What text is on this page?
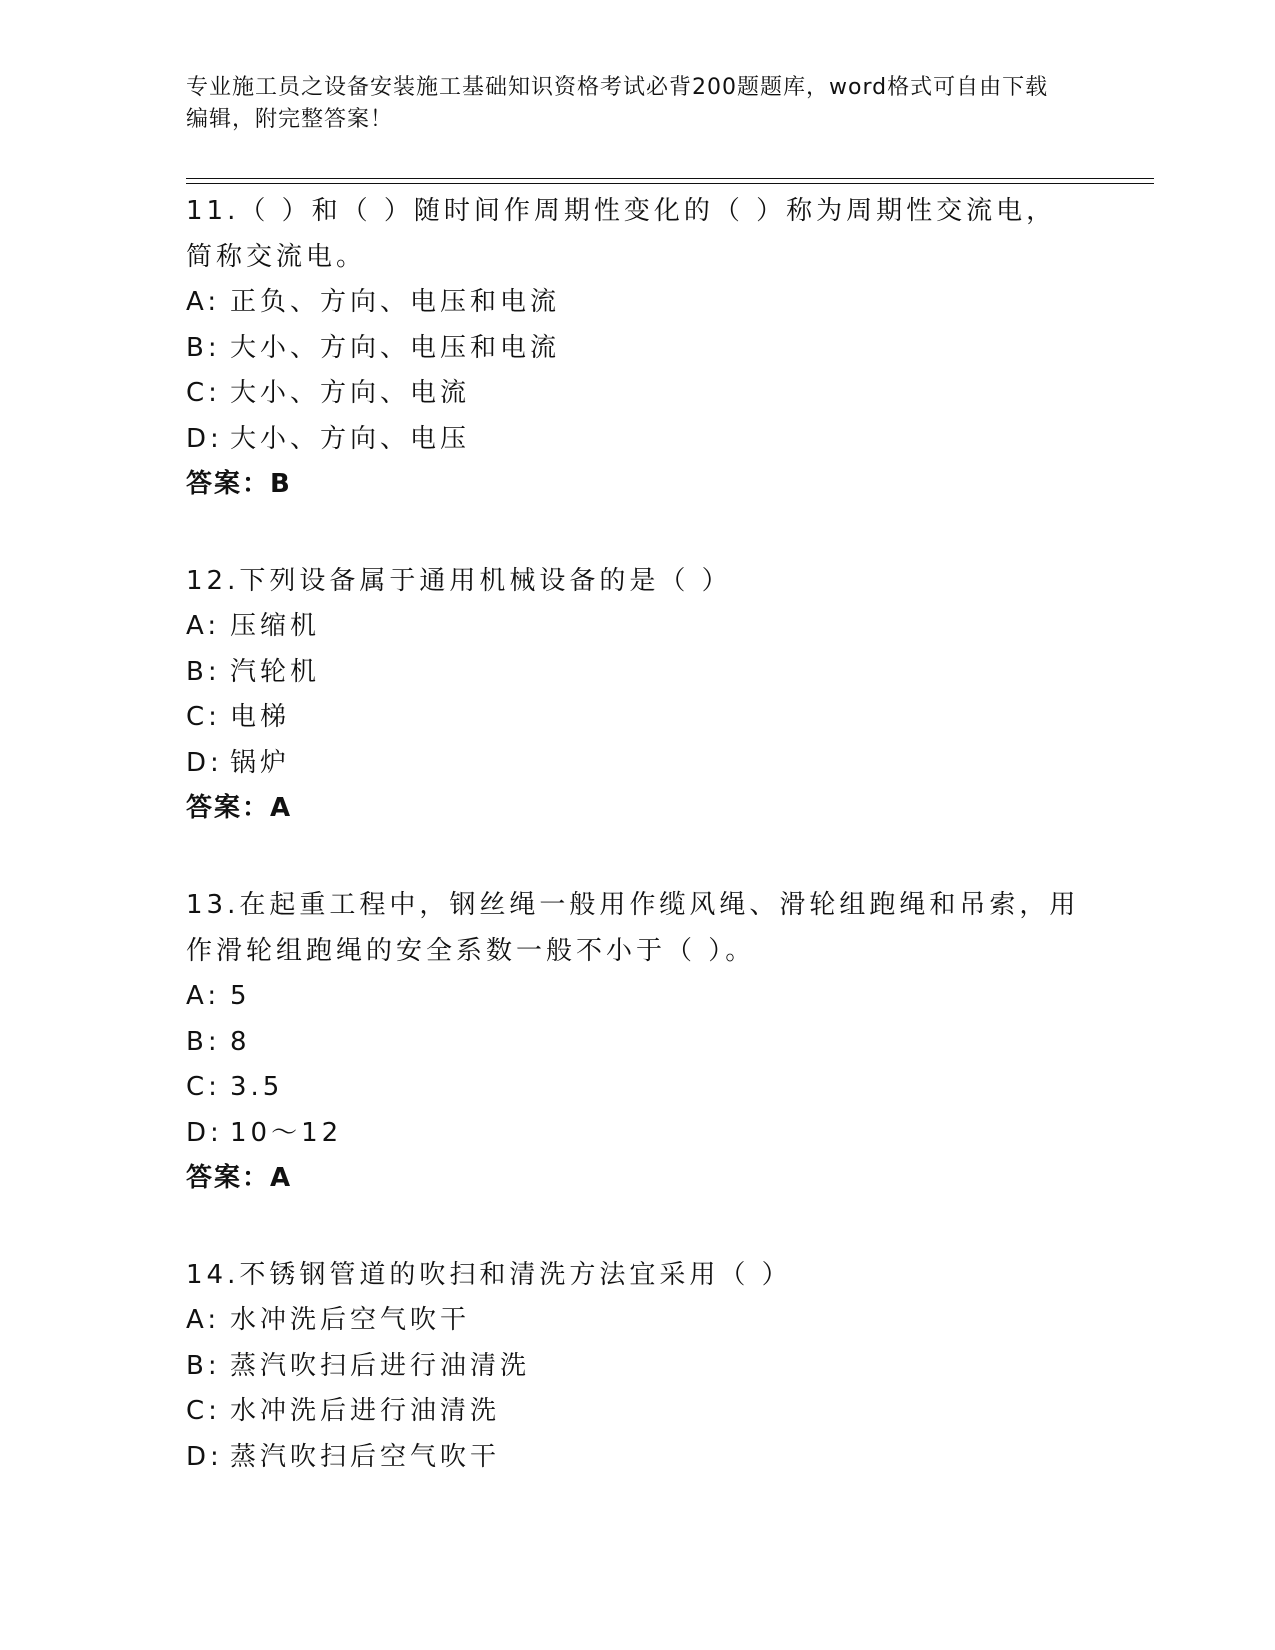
专业施工员之设备安装施工基础知识资格考试必背200题题库，word格式可自由下载编辑，附完整答案！
11.（ ）和（ ）随时间作周期性变化的（ ）称为周期性交流电，简称交流电。
A: 正负、方向、电压和电流
B: 大小、方向、电压和电流
C: 大小、方向、电流
D: 大小、方向、电压
答案：B
12.下列设备属于通用机械设备的是（ ）
A: 压缩机
B: 汽轮机
C: 电梯
D: 锅炉
答案：A
13.在起重工程中，钢丝绳一般用作缆风绳、滑轮组跑绳和吊索，用作滑轮组跑绳的安全系数一般不小于（ ）。
A: 5
B: 8
C: 3.5
D: 10～12
答案：A
14.不锈钢管道的吹扫和清洗方法宜采用（ ）
A: 水冲洗后空气吹干
B: 蒸汽吹扫后进行油清洗
C: 水冲洗后进行油清洗
D: 蒸汽吹扫后空气吹干
